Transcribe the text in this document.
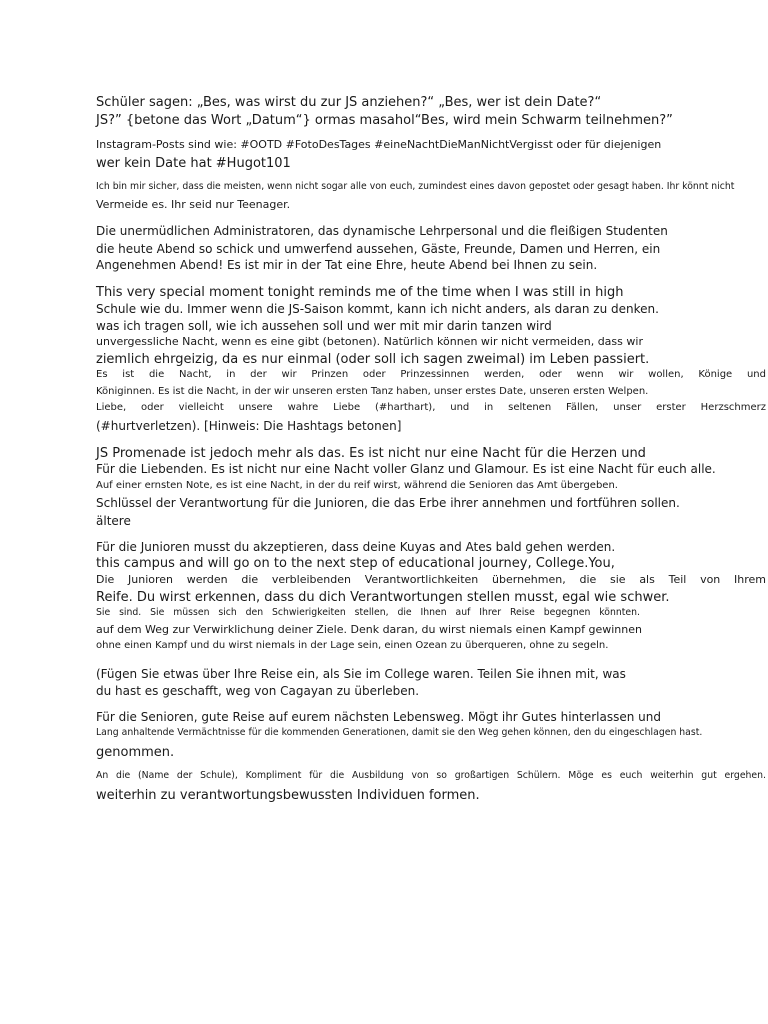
Schüler sagen: „Bes, was wirst du zur JS anziehen?“ „Bes, wer ist dein Date?“

JS?” {betone das Wort „Datum“} ormas masahol“Bes, wird mein Schwarm teilnehmen?”

Instagram-Posts sind wie: #OOTD #FotoDesTages #eineNachtDieManNichtVergisst oder für diejenigen

wer kein Date hat #Hugot101

Ich bin mir sicher, dass die meisten, wenn nicht sogar alle von euch, zumindest eines davon gepostet oder gesagt haben. Ihr könnt nicht

Vermeide es. Ihr seid nur Teenager.

Die unermüdlichen Administratoren, das dynamische Lehrpersonal und die fleißigen Studenten

die heute Abend so schick und umwerfend aussehen, Gäste, Freunde, Damen und Herren, ein

Angenehmen Abend! Es ist mir in der Tat eine Ehre, heute Abend bei Ihnen zu sein.

This very special moment tonight reminds me of the time when I was still in high

Schule wie du. Immer wenn die JS-Saison kommt, kann ich nicht anders, als daran zu denken.

was ich tragen soll, wie ich aussehen soll und wer mit mir darin tanzen wird

unvergessliche Nacht, wenn es eine gibt (betonen). Natürlich können wir nicht vermeiden, dass wir

ziemlich ehrgeizig, da es nur einmal (oder soll ich sagen zweimal) im Leben passiert.

Es ist die Nacht, in der wir Prinzen oder Prinzessinnen werden, oder wenn wir wollen, Könige und

Königinnen. Es ist die Nacht, in der wir unseren ersten Tanz haben, unser erstes Date, unseren ersten Welpen.

Liebe, oder vielleicht unsere wahre Liebe (#harthart), und in seltenen Fällen, unser erster Herzschmerz

(#hurtverletzen). [Hinweis: Die Hashtags betonen]

JS Promenade ist jedoch mehr als das. Es ist nicht nur eine Nacht für die Herzen und

Für die Liebenden. Es ist nicht nur eine Nacht voller Glanz und Glamour. Es ist eine Nacht für euch alle.

Auf einer ernsten Note, es ist eine Nacht, in der du reif wirst, während die Senioren das Amt übergeben.

Schlüssel der Verantwortung für die Junioren, die das Erbe ihrer annehmen und fortführen sollen.

ältere

Für die Junioren musst du akzeptieren, dass deine Kuyas and Ates bald gehen werden.

this campus and will go on to the next step of educational journey, College.You,

Die Junioren werden die verbleibenden Verantwortlichkeiten übernehmen, die sie als Teil von Ihrem

Reife. Du wirst erkennen, dass du dich Verantwortungen stellen musst, egal wie schwer.

Sie sind. Sie müssen sich den Schwierigkeiten stellen, die Ihnen auf Ihrer Reise begegnen könnten.

auf dem Weg zur Verwirklichung deiner Ziele. Denk daran, du wirst niemals einen Kampf gewinnen

ohne einen Kampf und du wirst niemals in der Lage sein, einen Ozean zu überqueren, ohne zu segeln.

(Fügen Sie etwas über Ihre Reise ein, als Sie im College waren. Teilen Sie ihnen mit, was

du hast es geschafft, weg von Cagayan zu überleben.

Für die Senioren, gute Reise auf eurem nächsten Lebensweg. Mögt ihr Gutes hinterlassen und

Lang anhaltende Vermächtnisse für die kommenden Generationen, damit sie den Weg gehen können, den du eingeschlagen hast.

genommen.

An die (Name der Schule), Kompliment für die Ausbildung von so großartigen Schülern. Möge es euch weiterhin gut ergehen.

weiterhin zu verantwortungsbewussten Individuen formen.
